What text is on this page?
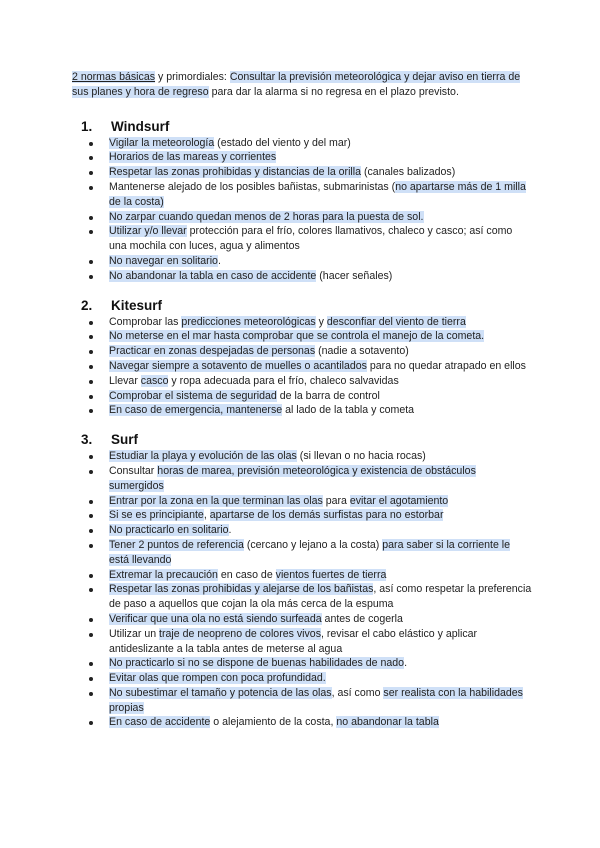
2 normas básicas y primordiales: Consultar la previsión meteorológica y dejar aviso en tierra de sus planes y hora de regreso para dar la alarma si no regresa en el plazo previsto.

1.	Windsurf
Vigilar la meteorología (estado del viento y del mar)
Horarios de las mareas y corrientes
Respetar las zonas prohibidas y distancias de la orilla (canales balizados)
Mantenerse alejado de los posibles bañistas, submarinistas (no apartarse más de 1 milla de la costa)
No zarpar cuando quedan menos de 2 horas para la puesta de sol.
Utilizar y/o llevar protección para el frío, colores llamativos, chaleco y casco; así como una mochila con luces, agua y alimentos
No navegar en solitario.
No abandonar la tabla en caso de accidente (hacer señales)
2.	Kitesurf
Comprobar las predicciones meteorológicas y desconfiar del viento de tierra
No meterse en el mar hasta comprobar que se controla el manejo de la cometa.
Practicar en zonas despejadas de personas (nadie a sotavento)
Navegar siempre a sotavento de muelles o acantilados para no quedar atrapado en ellos
Llevar casco y ropa adecuada para el frío, chaleco salvavidas
Comprobar el sistema de seguridad de la barra de control
En caso de emergencia, mantenerse al lado de la tabla y cometa
3.	Surf
Estudiar la playa y evolución de las olas (si llevan o no hacia rocas)
Consultar horas de marea, previsión meteorológica y existencia de obstáculos sumergidos
Entrar por la zona en la que terminan las olas para evitar el agotamiento
Si se es principiante, apartarse de los demás surfistas para no estorbar
No practicarlo en solitario.
Tener 2 puntos de referencia (cercano y lejano a la costa) para saber si la corriente le está llevando
Extremar la precaución en caso de vientos fuertes de tierra
Respetar las zonas prohibidas y alejarse de los bañistas, así como respetar la preferencia de paso a aquellos que cojan la ola más cerca de la espuma
Verificar que una ola no está siendo surfeada antes de cogerla
Utilizar un traje de neopreno de colores vivos, revisar el cabo elástico y aplicar antideslizante a la tabla antes de meterse al agua
No practicarlo si no se dispone de buenas habilidades de nado.
Evitar olas que rompen con poca profundidad.
No subestimar el tamaño y potencia de las olas, así como ser realista con la habilidades propias
En caso de accidente o alejamiento de la costa, no abandonar la tabla
